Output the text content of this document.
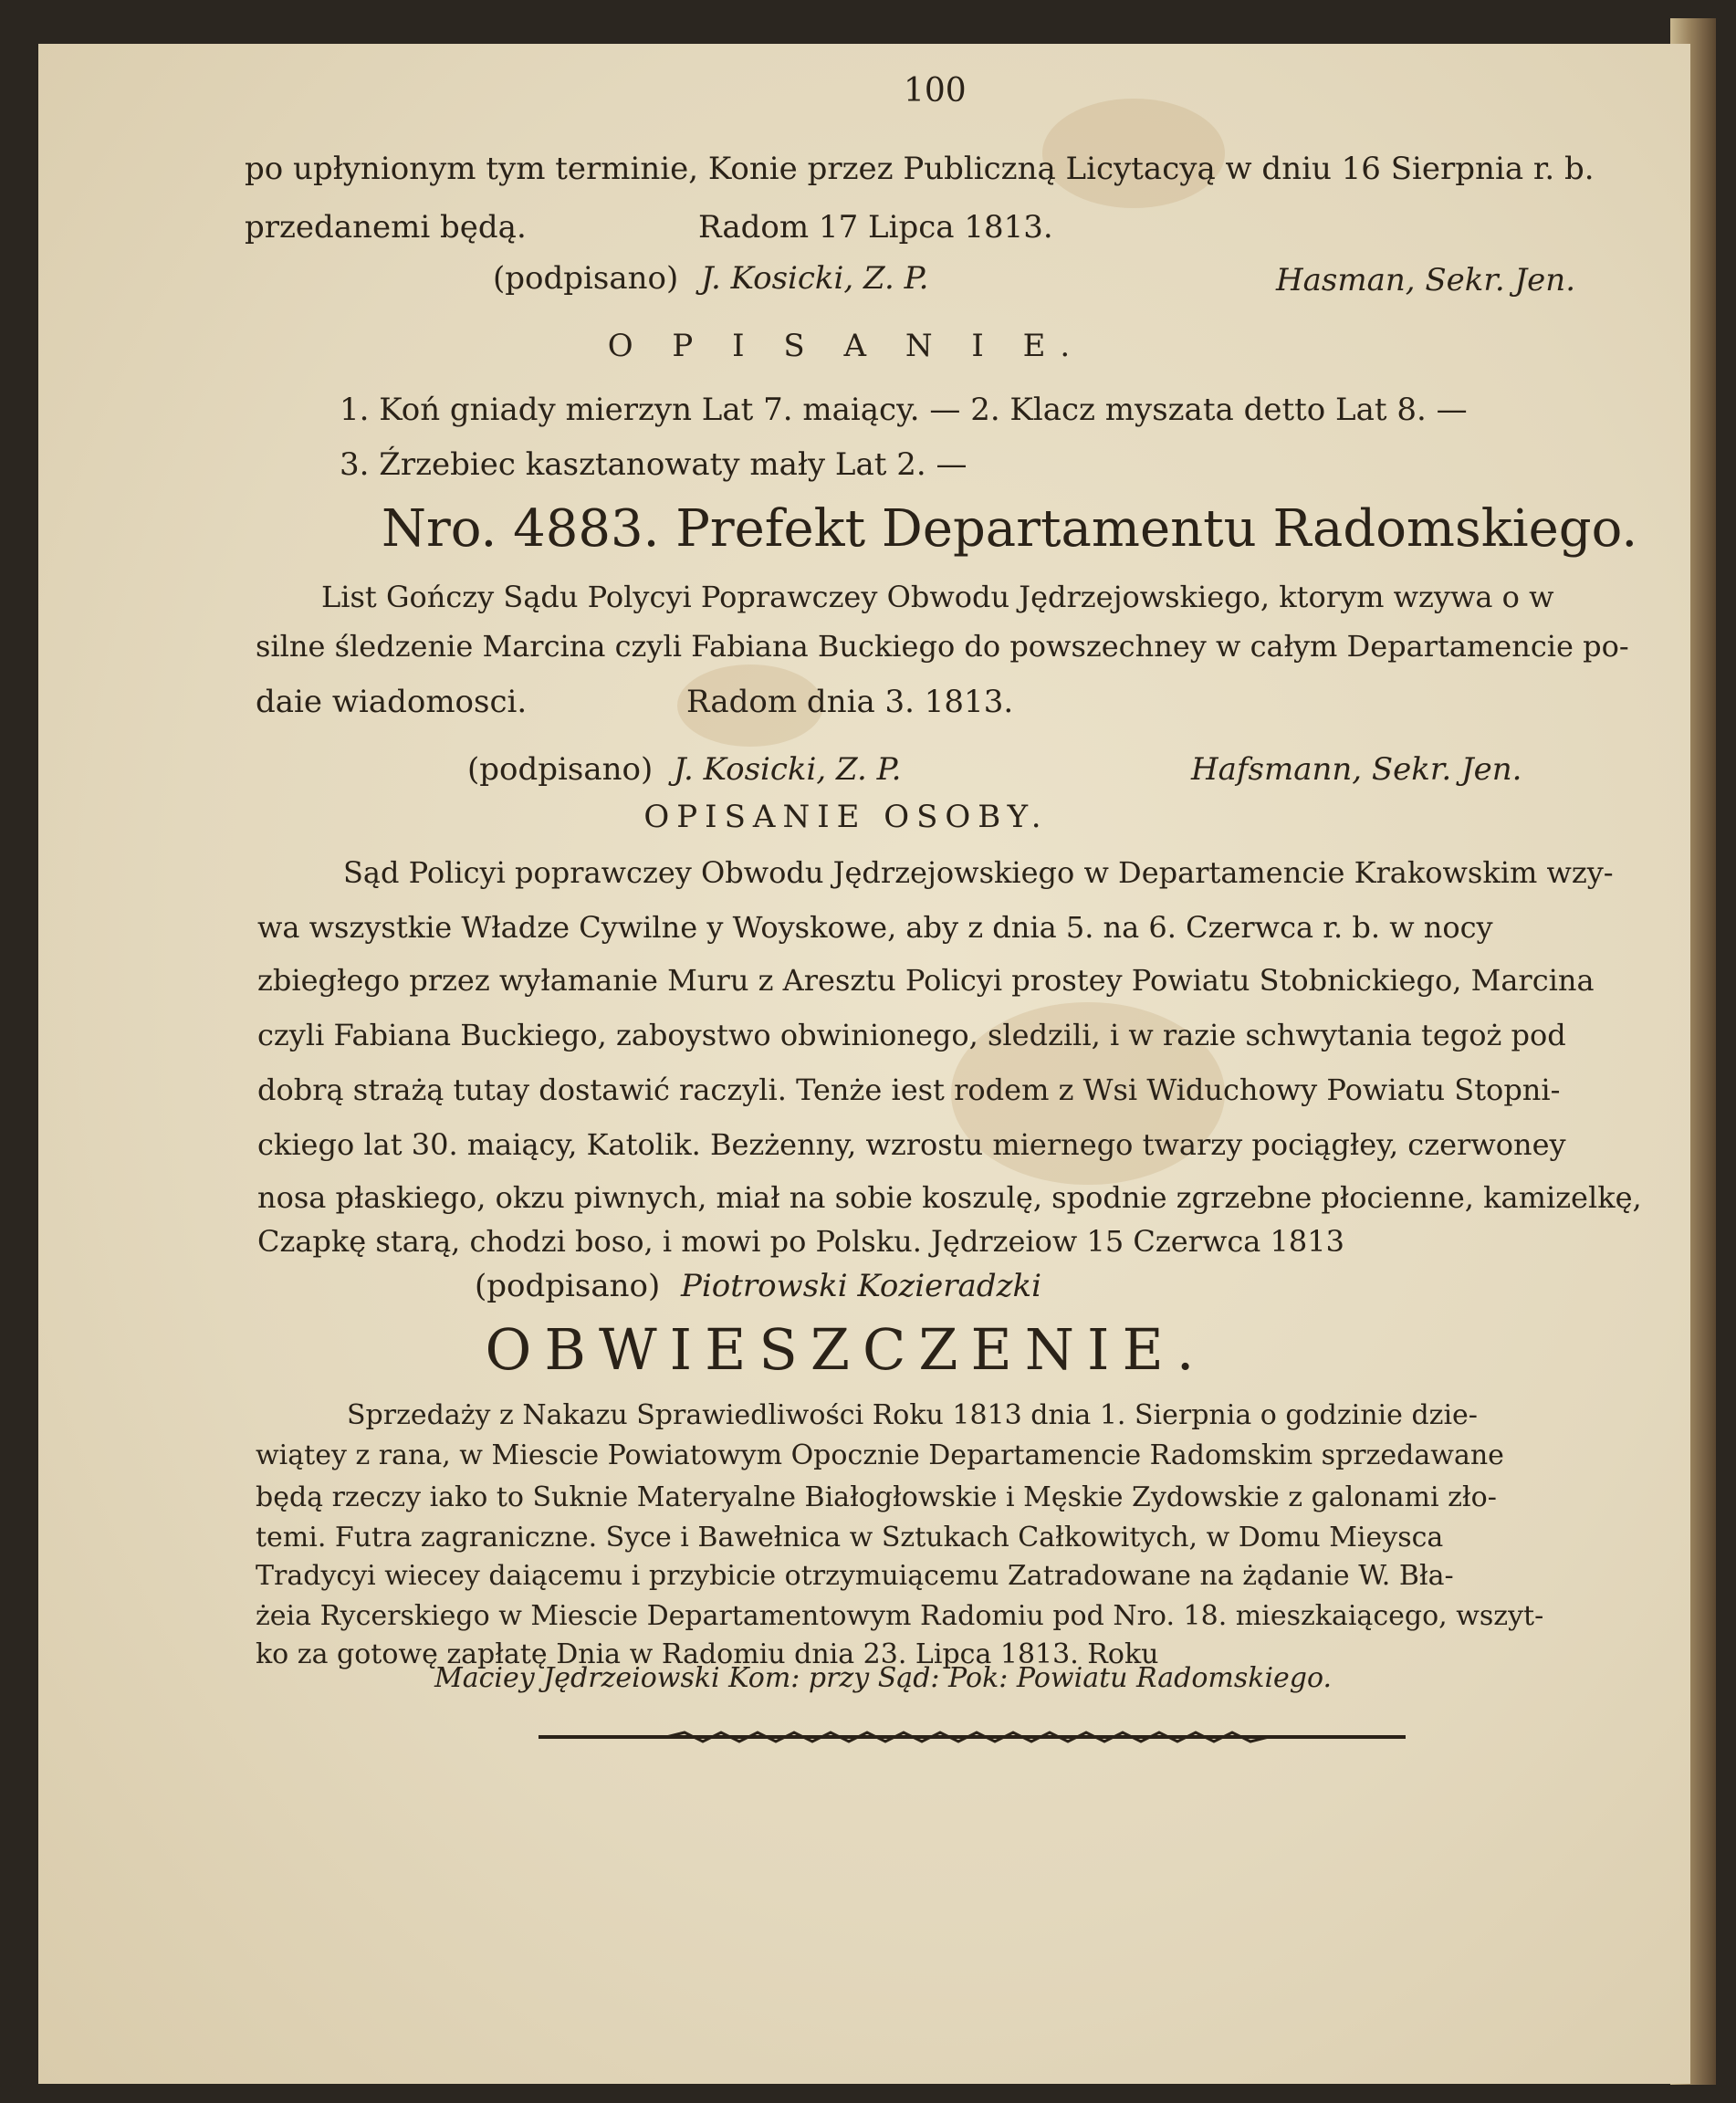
100
po upłynionym tym terminie, Konie przez Publiczną Licytacyą w dniu 16 Sierpnia r. b.
przedanemi będą.	Radom 17 Lipca 1813.
(podpisano) J. Kosicki, Z. P.	Hasman, Sekr. Jen.
O P I S A N I E.
1. Koń gniady mierzyn Lat 7. maiący. — 2. Klacz myszata detto Lat 8. —
3. Źrzebiec kasztanowaty mały Lat 2. —
Nro. 4883. Prefekt Departamentu Radomskiego.
List Gończy Sądu Polycyi Poprawczey Obwodu Jędrzejowskiego, ktorym wzywa o w
silne śledzenie Marcina czyli Fabiana Buckiego do powszechney w całym Departamencie po-
daie wiadomosci.	Radom dnia 3. 1813.
(podpisano) J. Kosicki, Z. P.	Hafsmann, Sekr. Jen.
OPISANIE OSOBY.
Sąd Policyi poprawczey Obwodu Jędrzejowskiego w Departamencie Krakowskim wzy-
wa wszystkie Władze Cywilne y Woyskowe, aby z dnia 5. na 6. Czerwca r. b. w nocy
zbiegłego przez wyłamanie Muru z Aresztu Policyi prostey Powiatu Stobnickiego, Marcina
czyli Fabiana Buckiego, zaboystwo obwinionego, sledzili, i w razie schwytania tegoż pod
dobrą strażą tutay dostawić raczyli. Tenże iest rodem z Wsi Widuchowy Powiatu Stopni-
ckiego lat 30. maiący, Katolik. Bezżenny, wzrostu miernego twarzy pociągłey, czerwoney
nosa płaskiego, okzu piwnych, miał na sobie koszulę, spodnie zgrzebne płocienne, kamizelkę,
Czapkę starą, chodzi boso, i mowi po Polsku. Jędrzeiow 15 Czerwca 1813
(podpisano) Piotrowski Kozieradzki
OBWIESZCZENIE.
Sprzedaży z Nakazu Sprawiedliwości Roku 1813 dnia 1. Sierpnia o godzinie dzie-
wiątey z rana, w Miescie Powiatowym Opocznie Departamencie Radomskim sprzedawane
będą rzeczy iako to Suknie Materyalne Białogłowskie i Męskie Zydowskie z galonami zło-
temi. Futra zagraniczne. Syce i Bawełnica w Sztukach Całkowitych, w Domu Mieysca
Tradycyi wiecey daiącemu i przybicie otrzymuiącemu Zatradowane na żądanie W. Bła-
żeia Rycerskiego w Miescie Departamentowym Radomiu pod Nro. 18. mieszkaiącego, wszyt-
ko za gotowę zapłatę Dnia w Radomiu dnia 23. Lipca 1813. Roku
Maciey Jędrzeiowski Kom: przy Sąd: Pok: Powiatu Radomskiego.
